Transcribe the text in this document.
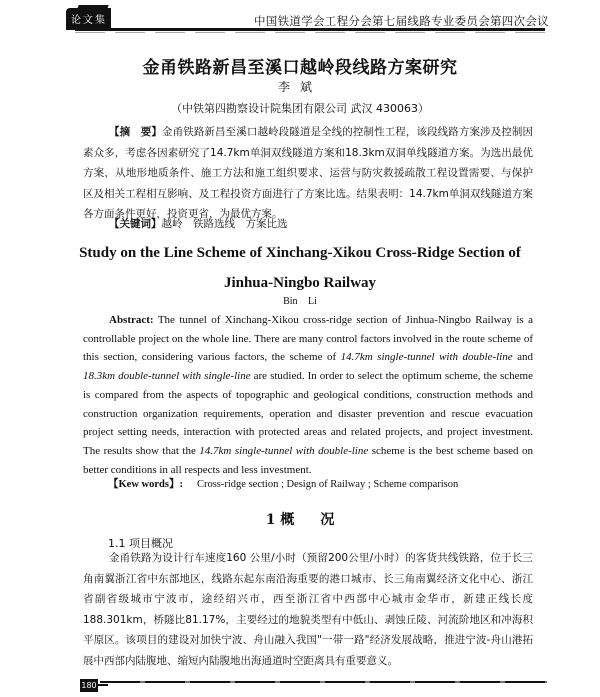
论文集	中国铁道学会工程分会第七届线路专业委员会第四次会议
金甬铁路新昌至溪口越岭段线路方案研究
李斌
（中铁第四勘察设计院集团有限公司 武汉 430063）
【摘　要】金甬铁路新昌至溪口越岭段隧道是全线的控制性工程，该段线路方案涉及控制因素众多，考虑各因素研究了14.7km单洞双线隧道方案和18.3km双洞单线隧道方案。为选出最优方案，从地形地质条件、施工方法和施工组织要求、运营与防灾救援疏散工程设置需要、与保护区及相关工程相互影响、及工程投资方面进行了方案比选。结果表明：14.7km单洞双线隧道方案各方面条件更好，投资更省，为最优方案。
【关键词】越岭　铁路选线　方案比选
Study on the Line Scheme of Xinchang-Xikou Cross-Ridge Section of
Jinhua-Ningbo Railway
Bin Li
Abstract: The tunnel of Xinchang-Xikou cross-ridge section of Jinhua-Ningbo Railway is a controllable project on the whole line. There are many control factors involved in the route scheme of this section, considering various factors, the scheme of 14.7km single-tunnel with double-line and 18.3km double-tunnel with single-line are studied. In order to select the optimum scheme, the scheme is compared from the aspects of topographic and geological conditions, construction methods and construction organization requirements, operation and disaster prevention and rescue evacuation project setting needs, interaction with protected areas and related projects, and project investment. The results show that the 14.7km single-tunnel with double-line scheme is the best scheme based on better conditions in all respects and less investment.
【Kew words】: Cross-ridge section ; Design of Railway ; Scheme comparison
1 概 况
1.1 项目概况
金甬铁路为设计行车速度160 公里/小时（预留200公里/小时）的客货共线铁路，位于长三角南翼浙江省中东部地区，线路东起东南沿海重要的港口城市、长三角南翼经济文化中心、浙江省副省级城市宁波市，途经绍兴市，西至浙江省中西部中心城市金华市，新建正线长度188.301km，桥隧比81.17%，主要经过的地貌类型有中低山、剥蚀丘陵、河流阶地区和冲海积平原区。该项目的建设对加快宁波、舟山融入我国"一带一路"经济发展战略，推进宁波-舟山港拓展中西部内陆腹地、缩短内陆腹地出海通道时空距离具有重要意义。
180
